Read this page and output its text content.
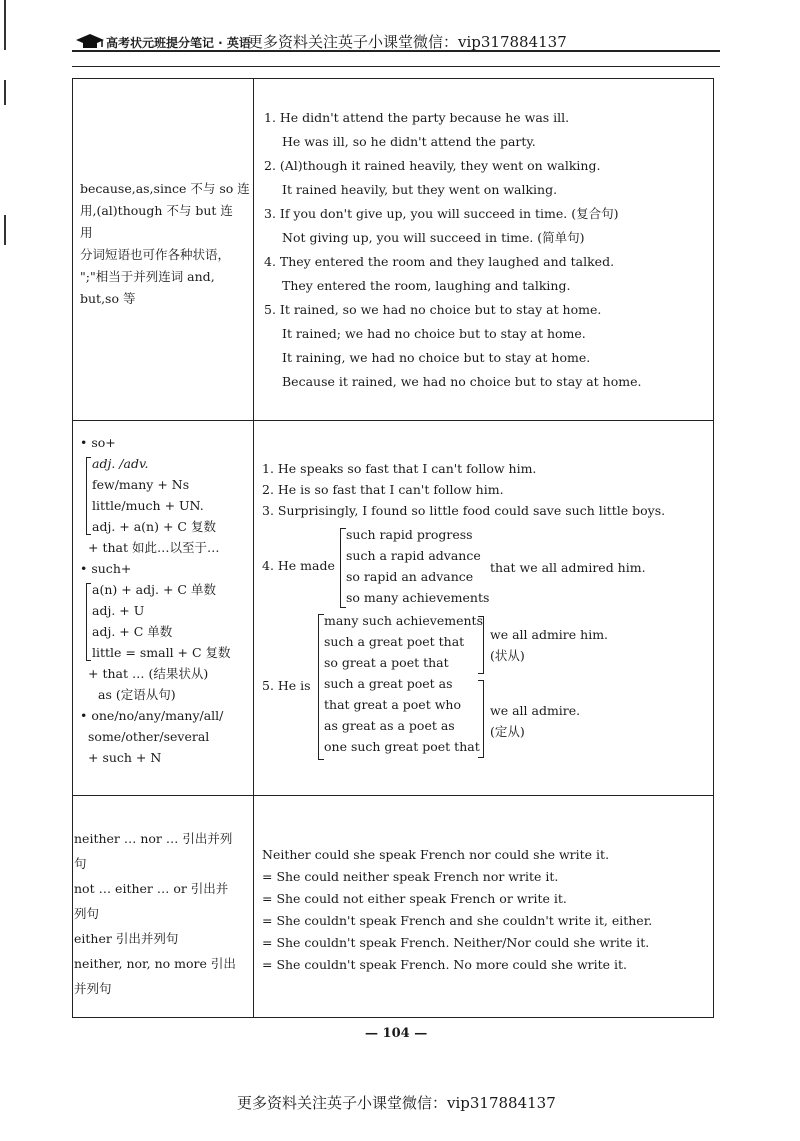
高考状元班提分笔记 · 英语
更多资料关注英子小课堂微信：vip317884137
because,as,since 不与 so 连
用,(al)though 不与 but 连
用
分词短语也可作各种状语，
";"相当于并列连词 and,
but,so 等
1. He didn't attend the party because he was ill.
He was ill, so he didn't attend the party.
2. (Al)though it rained heavily, they went on walking.
It rained heavily, but they went on walking.
3. If you don't give up, you will succeed in time. (复合句)
Not giving up, you will succeed in time. (简单句)
4. They entered the room and they laughed and talked.
They entered the room, laughing and talking.
5. It rained, so we had no choice but to stay at home.
It rained; we had no choice but to stay at home.
It raining, we had no choice but to stay at home.
Because it rained, we had no choice but to stay at home.
• so+
adj. /adv.
few/many + Ns
little/much + UN.
adj. + a(n) + C 复数
+ that 如此…以至于…
• such+
a(n) + adj. + C 单数
adj. + U
adj. + C 单数
little = small + C 复数
+ that … (结果状从)
as (定语从句)
• one/no/any/many/all/
some/other/several
+ such + N
1. He speaks so fast that I can't follow him.
2. He is so fast that I can't follow him.
3. Surprisingly, I found so little food could save such little boys.
4. He made
such rapid progress
such a rapid advance
so rapid an advance
so many achievements
that we all admired him.
5. He is
many such achievements
such a great poet that
so great a poet that
such a great poet as
that great a poet who
as great as a poet as
one such great poet that
we all admire him.
(状从)
we all admire.
(定从)
neither … nor … 引出并列
句
not … either … or 引出并
列句
either 引出并列句
neither, nor, no more 引出
并列句
Neither could she speak French nor could she write it.
= She could neither speak French nor write it.
= She could not either speak French or write it.
= She couldn't speak French and she couldn't write it, either.
= She couldn't speak French. Neither/Nor could she write it.
= She couldn't speak French. No more could she write it.
— 104 —
更多资料关注英子小课堂微信：vip317884137
